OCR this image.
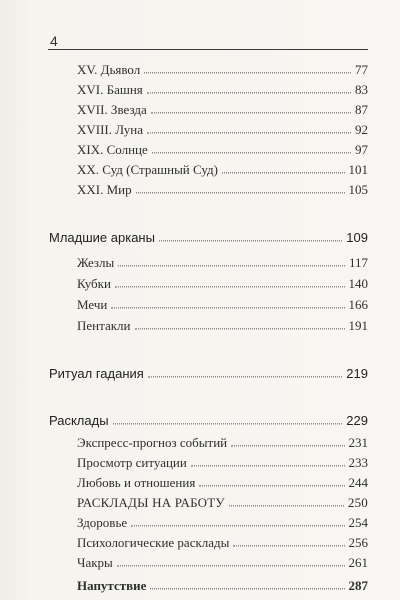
4
XV. Дьявол	77
XVI. Башня	83
XVII. Звезда	87
XVIII. Луна	92
XIX. Солнце	97
XX. Суд (Страшный Суд)	101
XXI. Мир	105
Младшие арканы	109
Жезлы	117
Кубки	140
Мечи	166
Пентакли	191
Ритуал гадания	219
Расклады	229
Экспресс-прогноз событий	231
Просмотр ситуации	233
Любовь и отношения	244
РАСКЛАДЫ НА РАБОТУ	250
Здоровье	254
Психологические расклады	256
Чакры	261
Напутствие	287
